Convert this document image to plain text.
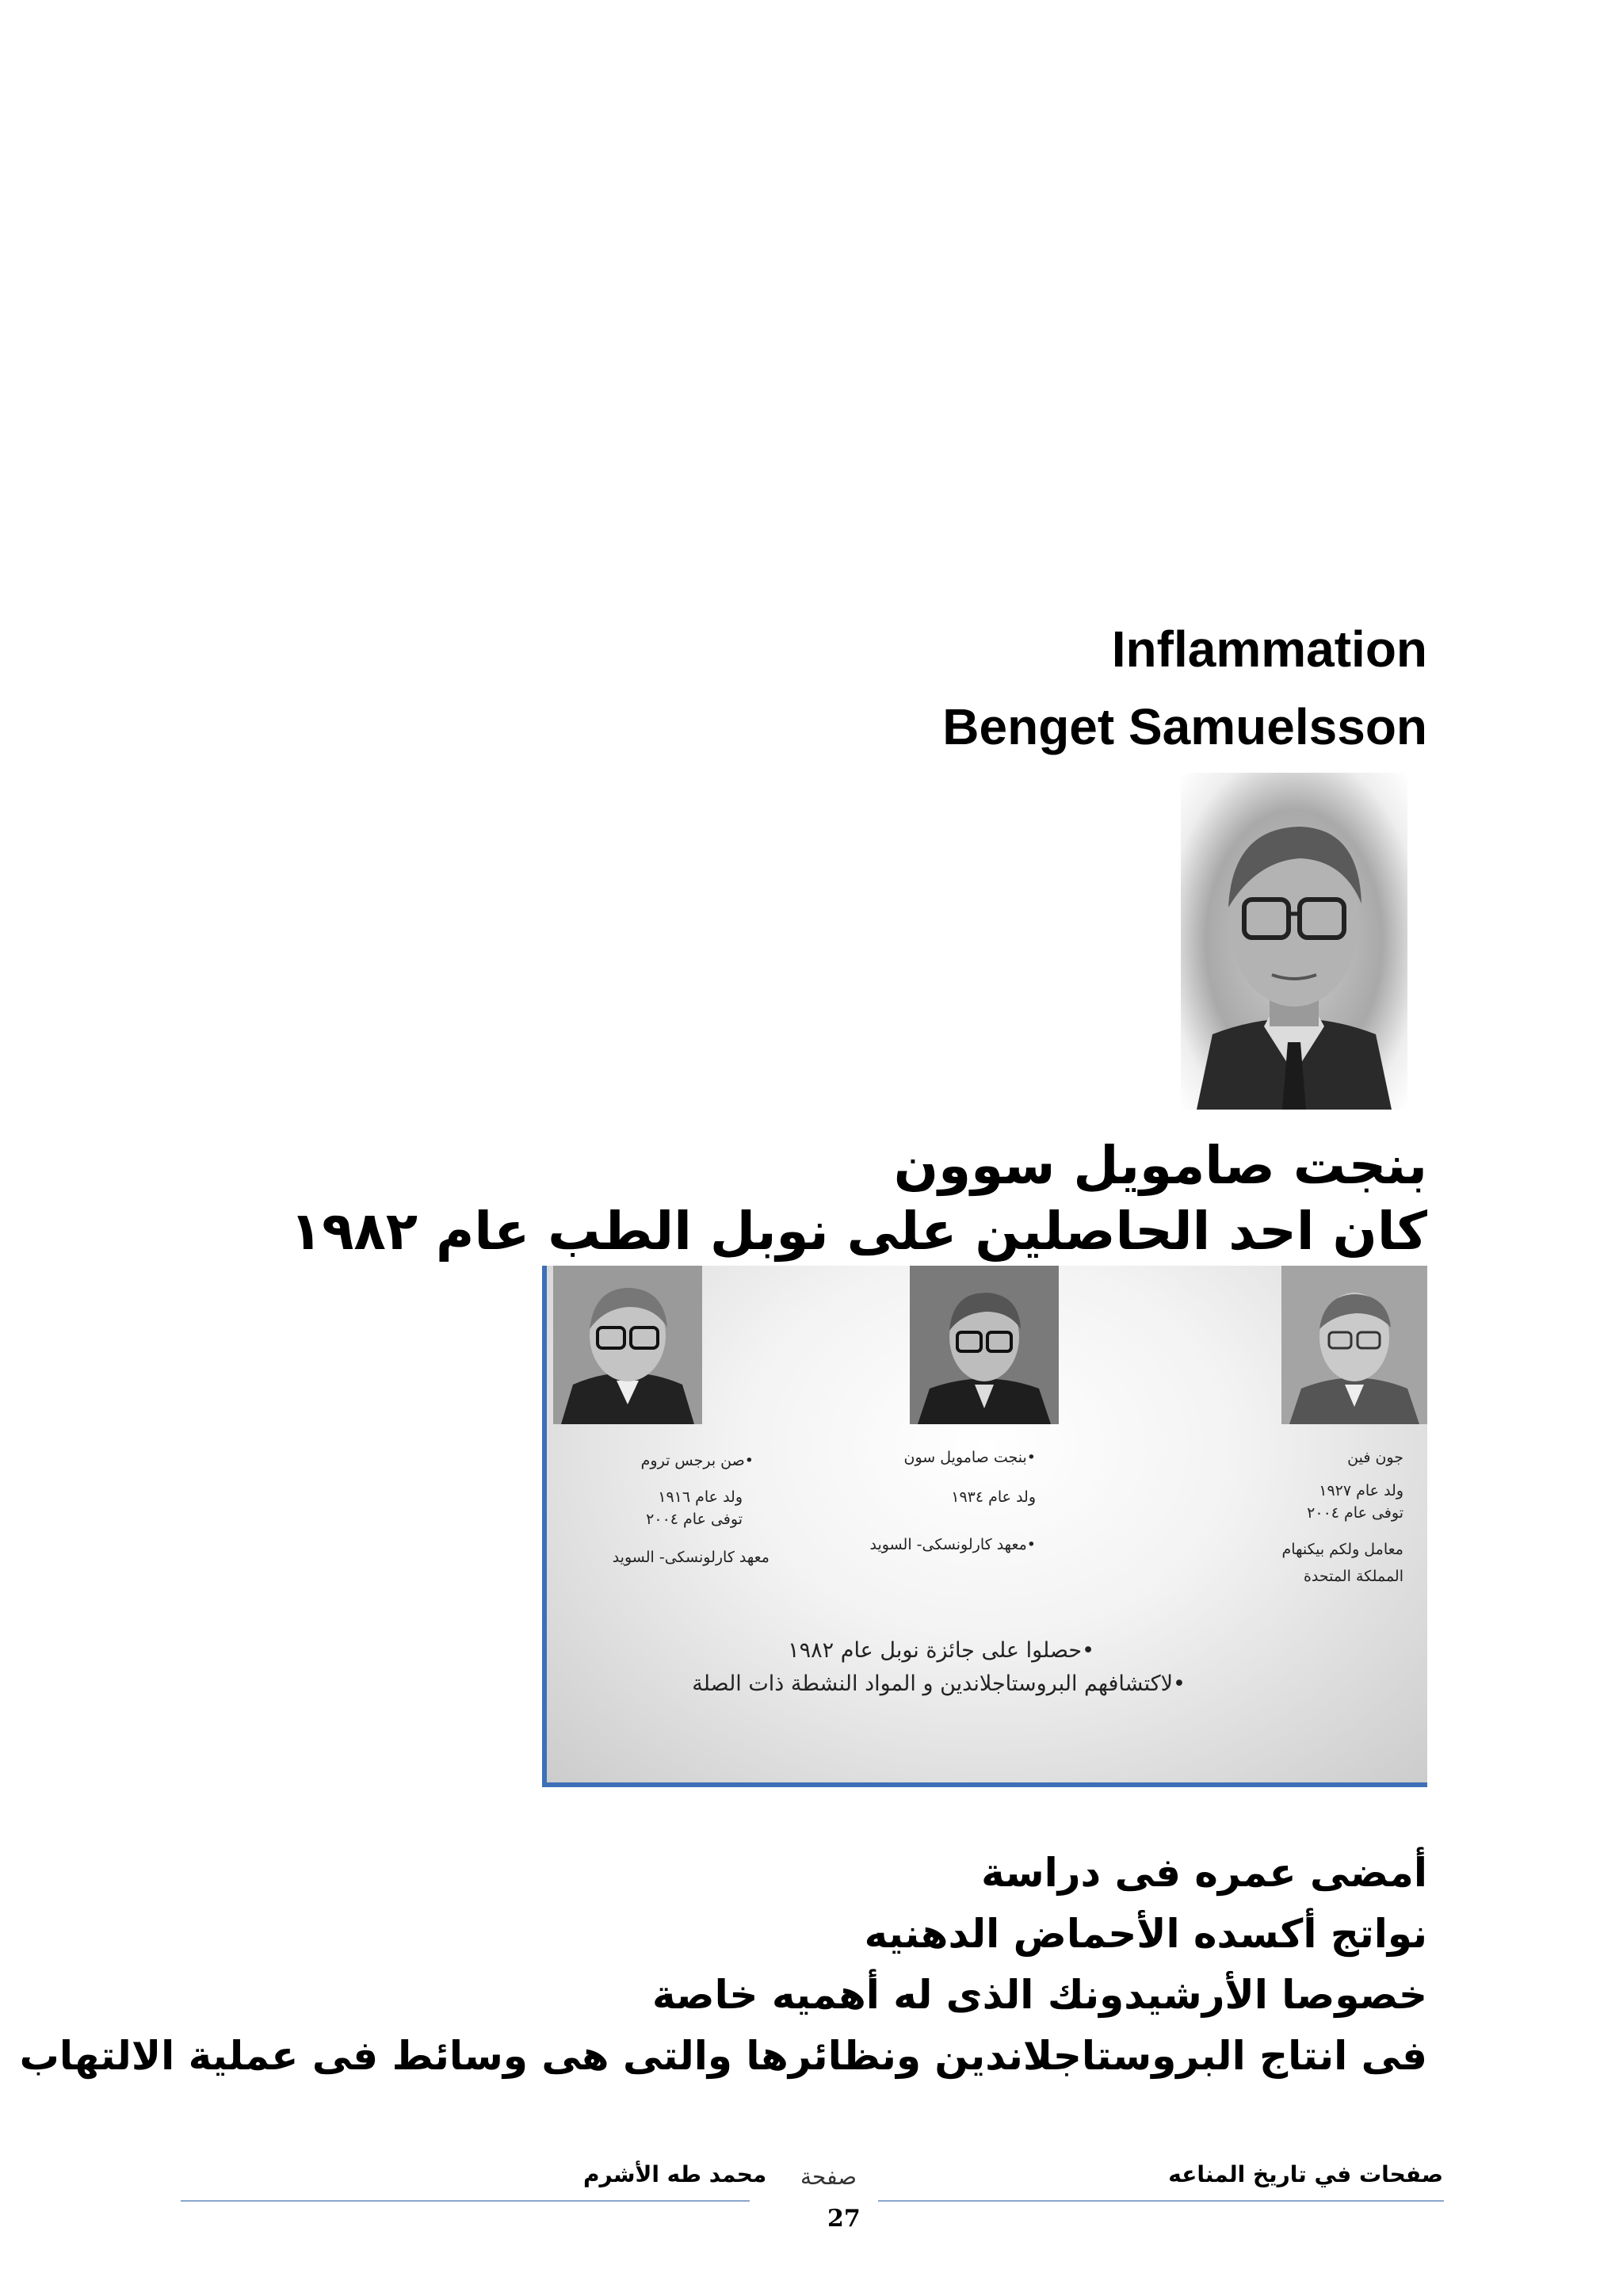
Inflammation
Benget Samuelsson
بنجت صامويل سوون
كان احد الحاصلين على نوبل الطب عام ١٩٨٢
جون فين
ولد عام ١٩٢٧
توفى عام ٢٠٠٤
معامل ولكم بيكنهام
المملكة المتحدة
•بنجت صامويل سون
ولد عام ١٩٣٤
•معهد كارلونسكى- السويد
•صن برجس تروم
ولد عام ١٩١٦
توفى عام ٢٠٠٤
معهد كارلونسكى- السويد
•حصلوا على جائزة نوبل عام ١٩٨٢
•لاكتشافهم البروستاجلاندين و المواد النشطة ذات الصلة
أمضى عمره فى دراسة
نواتج أكسده الأحماض الدهنيه
خصوصا الأرشيدونك الذى له أهميه خاصة
فى انتاج البروستاجلاندين ونظائرها والتى هى وسائط فى عملية الالتهاب
صفحات في تاريخ المناعه
صفحة
27
محمد طه الأشرم
